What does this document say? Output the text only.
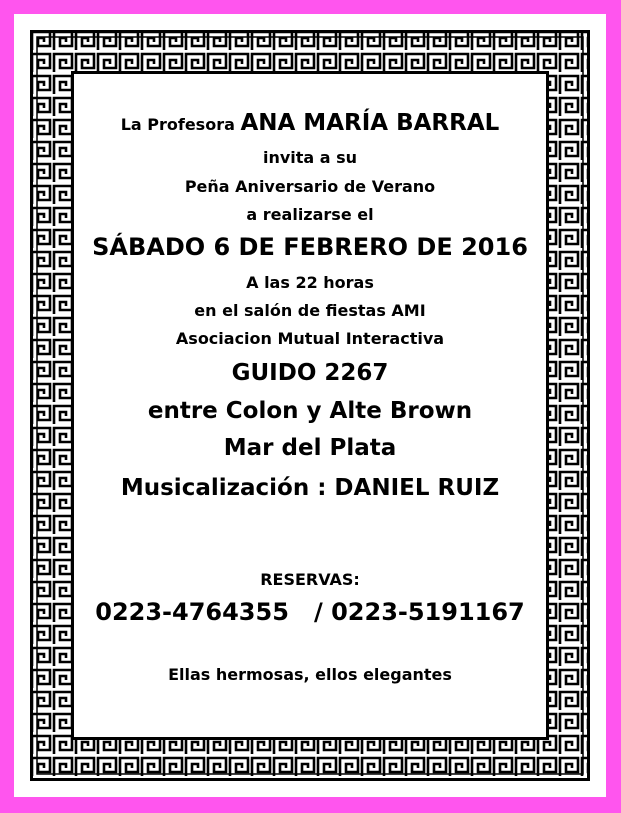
La Profesora ANA MARÍA BARRAL
invita a su
Peña Aniversario de Verano
a realizarse el
SÁBADO 6 DE FEBRERO DE 2016
A las 22 horas
en el salón de fiestas AMI
Asociacion Mutual Interactiva
GUIDO 2267
entre Colon y Alte Brown
Mar del Plata
Musicalización : DANIEL RUIZ
RESERVAS:
0223-4764355   / 0223-5191167
Ellas hermosas, ellos elegantes
